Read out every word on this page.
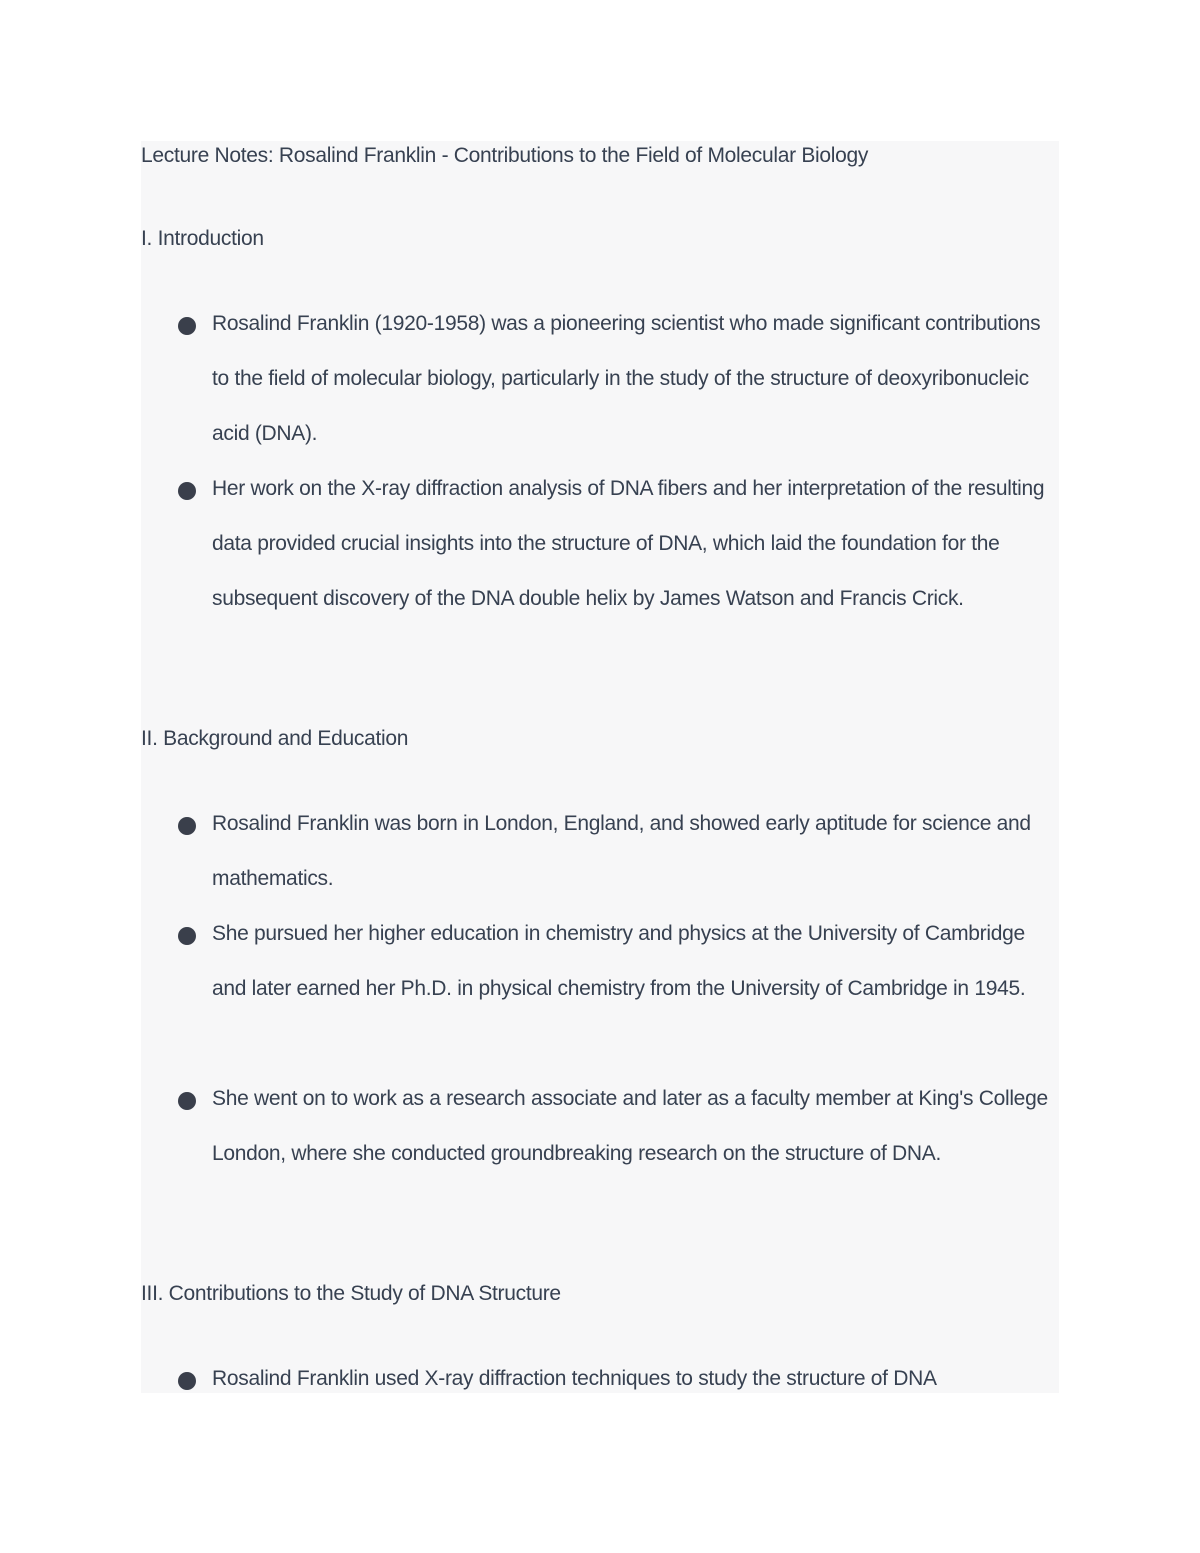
Lecture Notes: Rosalind Franklin - Contributions to the Field of Molecular Biology
I. Introduction
Rosalind Franklin (1920-1958) was a pioneering scientist who made significant contributions to the field of molecular biology, particularly in the study of the structure of deoxyribonucleic acid (DNA).
Her work on the X-ray diffraction analysis of DNA fibers and her interpretation of the resulting data provided crucial insights into the structure of DNA, which laid the foundation for the subsequent discovery of the DNA double helix by James Watson and Francis Crick.
II. Background and Education
Rosalind Franklin was born in London, England, and showed early aptitude for science and mathematics.
She pursued her higher education in chemistry and physics at the University of Cambridge and later earned her Ph.D. in physical chemistry from the University of Cambridge in 1945.
She went on to work as a research associate and later as a faculty member at King's College London, where she conducted groundbreaking research on the structure of DNA.
III. Contributions to the Study of DNA Structure
Rosalind Franklin used X-ray diffraction techniques to study the structure of DNA
